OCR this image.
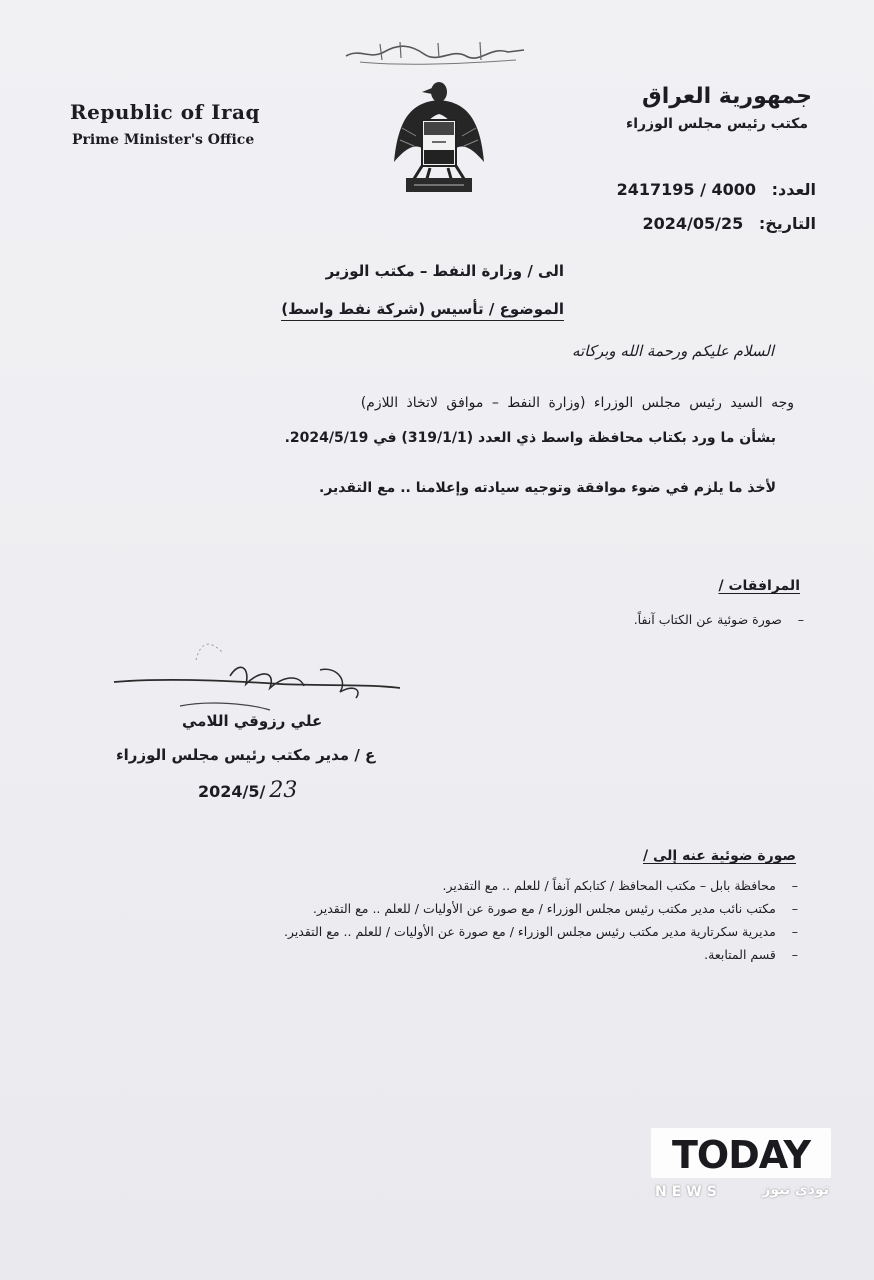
Republic of Iraq
Prime Minister's Office
جمهورية العراق
مكتب رئيس مجلس الوزراء
العدد: 2417195 / 4000
التاريخ: 2024/05/25
الى / وزارة النفط – مكتب الوزير
الموضوع / تأسيس (شركة نفط واسط)
السلام عليكم ورحمة الله وبركاته
وجه السيد رئيس مجلس الوزراء (وزارة النفط – موافق لاتخاذ اللازم)
بشأن ما ورد بكتاب محافظة واسط ذي العدد (319/1/1) في 2024/5/19.
لأخذ ما يلزم في ضوء موافقة وتوجيه سيادته وإعلامنا .. مع التقدير.
المرافقات /
–    صورة ضوئية عن الكتاب آنفاً.
علي رزوقي اللامي
ع / مدير مكتب رئيس مجلس الوزراء
2024/5/ 23
صورة ضوئية عنه إلى /
–    محافظة بابل – مكتب المحافظ / كتابكم آنفاً / للعلم .. مع التقدير.
–    مكتب نائب مدير مكتب رئيس مجلس الوزراء / مع صورة عن الأوليات / للعلم .. مع التقدير.
–    مديرية سكرتارية مدير مكتب رئيس مجلس الوزراء / مع صورة عن الأوليات / للعلم .. مع التقدير.
–    قسم المتابعة.
TODAY
NEWS	تودي نيوز
